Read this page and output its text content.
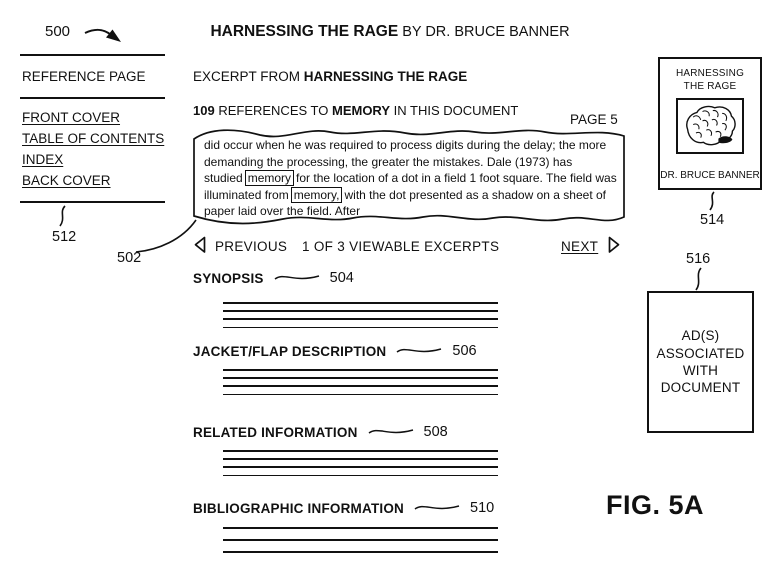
500
REFERENCE PAGE
FRONT COVER
TABLE OF CONTENTS
INDEX
BACK COVER
512
HARNESSING THE RAGE BY DR. BRUCE BANNER
EXCERPT FROM HARNESSING THE RAGE
109 REFERENCES TO MEMORY IN THIS DOCUMENT
PAGE 5
did occur when he was required to process digits during the delay; the more demanding the processing, the greater the mistakes. Dale (1973) has studied memory for the location of a dot in a field 1 foot square. The field was illuminated from memory, with the dot presented as a shadow on a sheet of paper laid over the field. After
502
PREVIOUS 1 OF 3 VIEWABLE EXCERPTS	NEXT
SYNOPSIS	504
JACKET/FLAP DESCRIPTION	506
RELATED INFORMATION	508
BIBLIOGRAPHIC INFORMATION	510
HARNESSING THE RAGE
DR. BRUCE BANNER
514
516
AD(S) ASSOCIATED WITH DOCUMENT
FIG. 5A
